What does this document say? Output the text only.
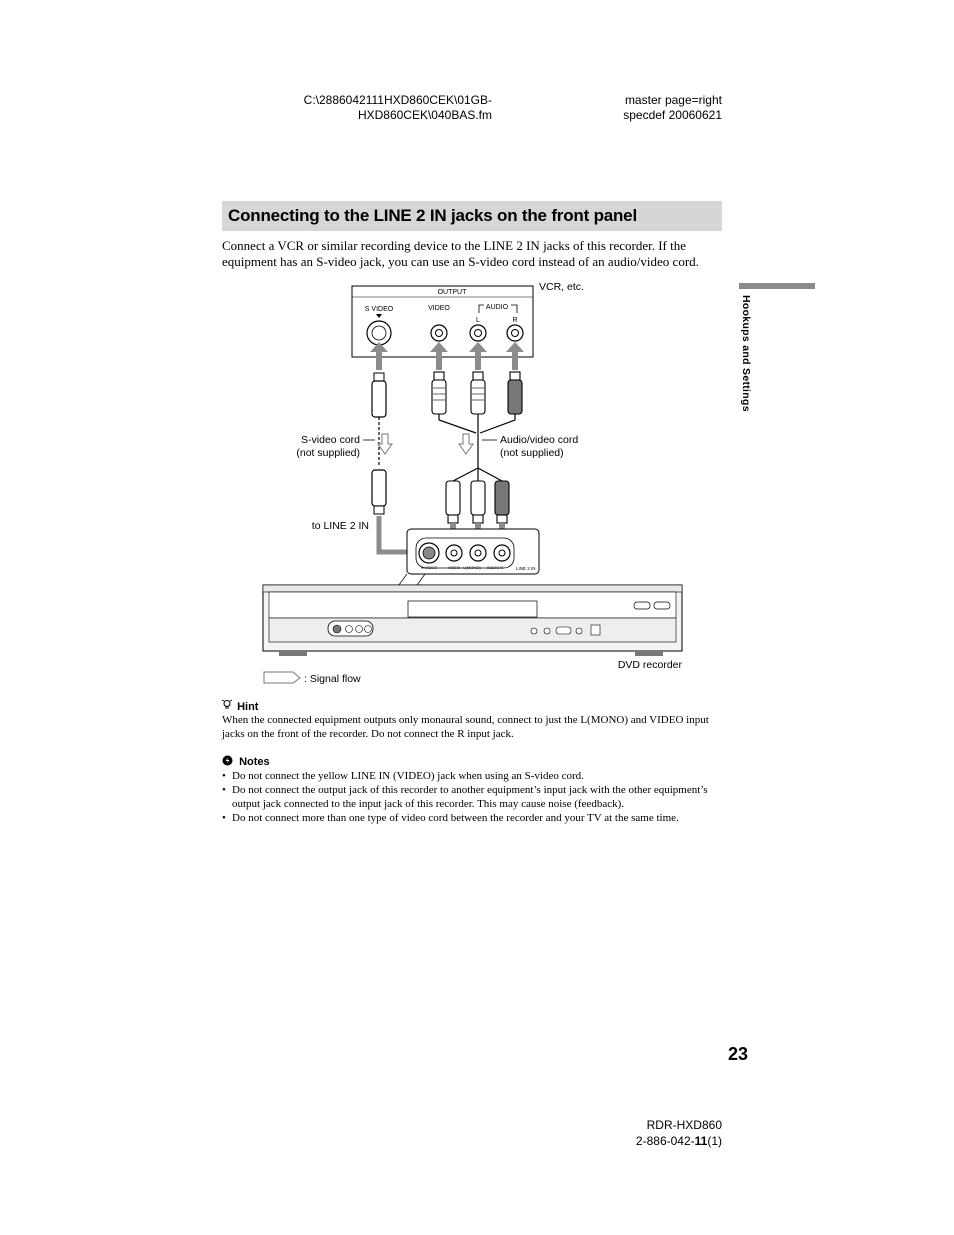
C:\2886042111HXD860CEK\01GB-
HXD860CEK\040BAS.fm
master page=right
specdef 20060621
Connecting to the LINE 2 IN jacks on the front panel
Connect a VCR or similar recording device to the LINE 2 IN jacks of this recorder. If the equipment has an S-video jack, you can use an S-video cord instead of an audio/video cord.
Hookups and Settings
OUTPUT
S VIDEO	VIDEO	AUDIO
L	R
S-video cord
(not supplied)
Audio/video cord
(not supplied)
to LINE 2 IN
S VIDEO	VIDEO L(MONO) AUDIO R	LINE 2 IN
DVD recorder
: Signal flow
VCR, etc.
Hint
When the connected equipment outputs only monaural sound, connect to just the L(MONO) and VIDEO input jacks on the front of the recorder. Do not connect the R input jack.
Notes
• Do not connect the yellow LINE IN (VIDEO) jack when using an S-video cord.
• Do not connect the output jack of this recorder to another equipment’s input jack with the other equipment’s output jack connected to the input jack of this recorder. This may cause noise (feedback).
• Do not connect more than one type of video cord between the recorder and your TV at the same time.
23
RDR-HXD860
2-886-042-11(1)
